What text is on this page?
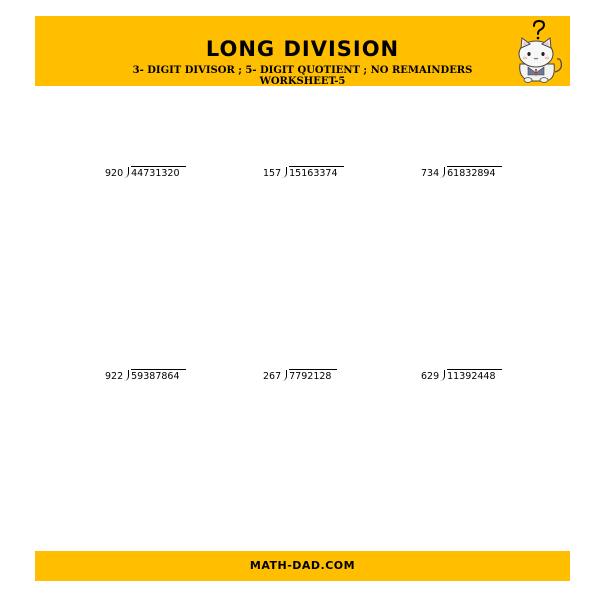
LONG DIVISION
3- DIGIT DIVISOR ; 5- DIGIT QUOTIENT ; NO REMAINDERS
WORKSHEET-5
920 44731320	157 15163374	734 61832894
922 59387864	267 7792128	629 11392448
MATH-DAD.COM
